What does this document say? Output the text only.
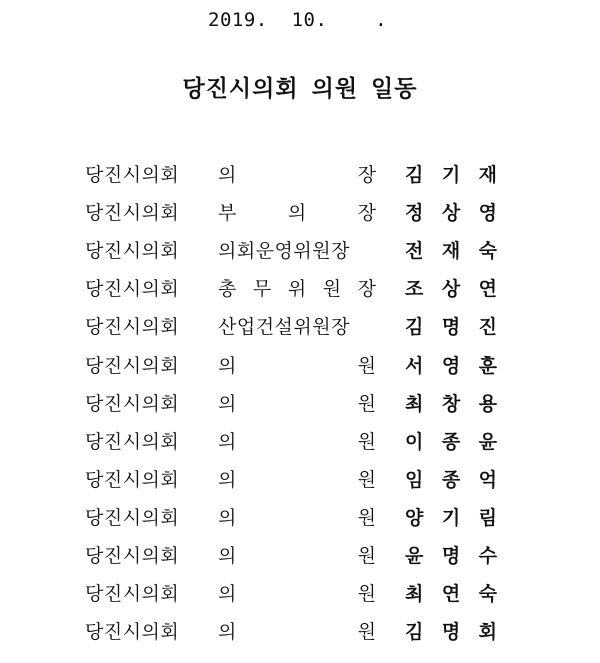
2019.  10.    .
당진시의회 의원 일동
당진시의회 의	장 김 기 재
당진시의회 부	의	장 정 상 영
당진시의회 의회운영위원장	전 재 숙
당진시의회 총 무 위 원 장 조 상 연
당진시의회 산업건설위원장	김 명 진
당진시의회 의	원 서 영 훈
당진시의회 의	원 최 창 용
당진시의회 의	원 이 종 윤
당진시의회 의	원 임 종 억
당진시의회 의	원 양 기 림
당진시의회 의	원 윤 명 수
당진시의회 의	원 최 연 숙
당진시의회 의	원 김 명 회
